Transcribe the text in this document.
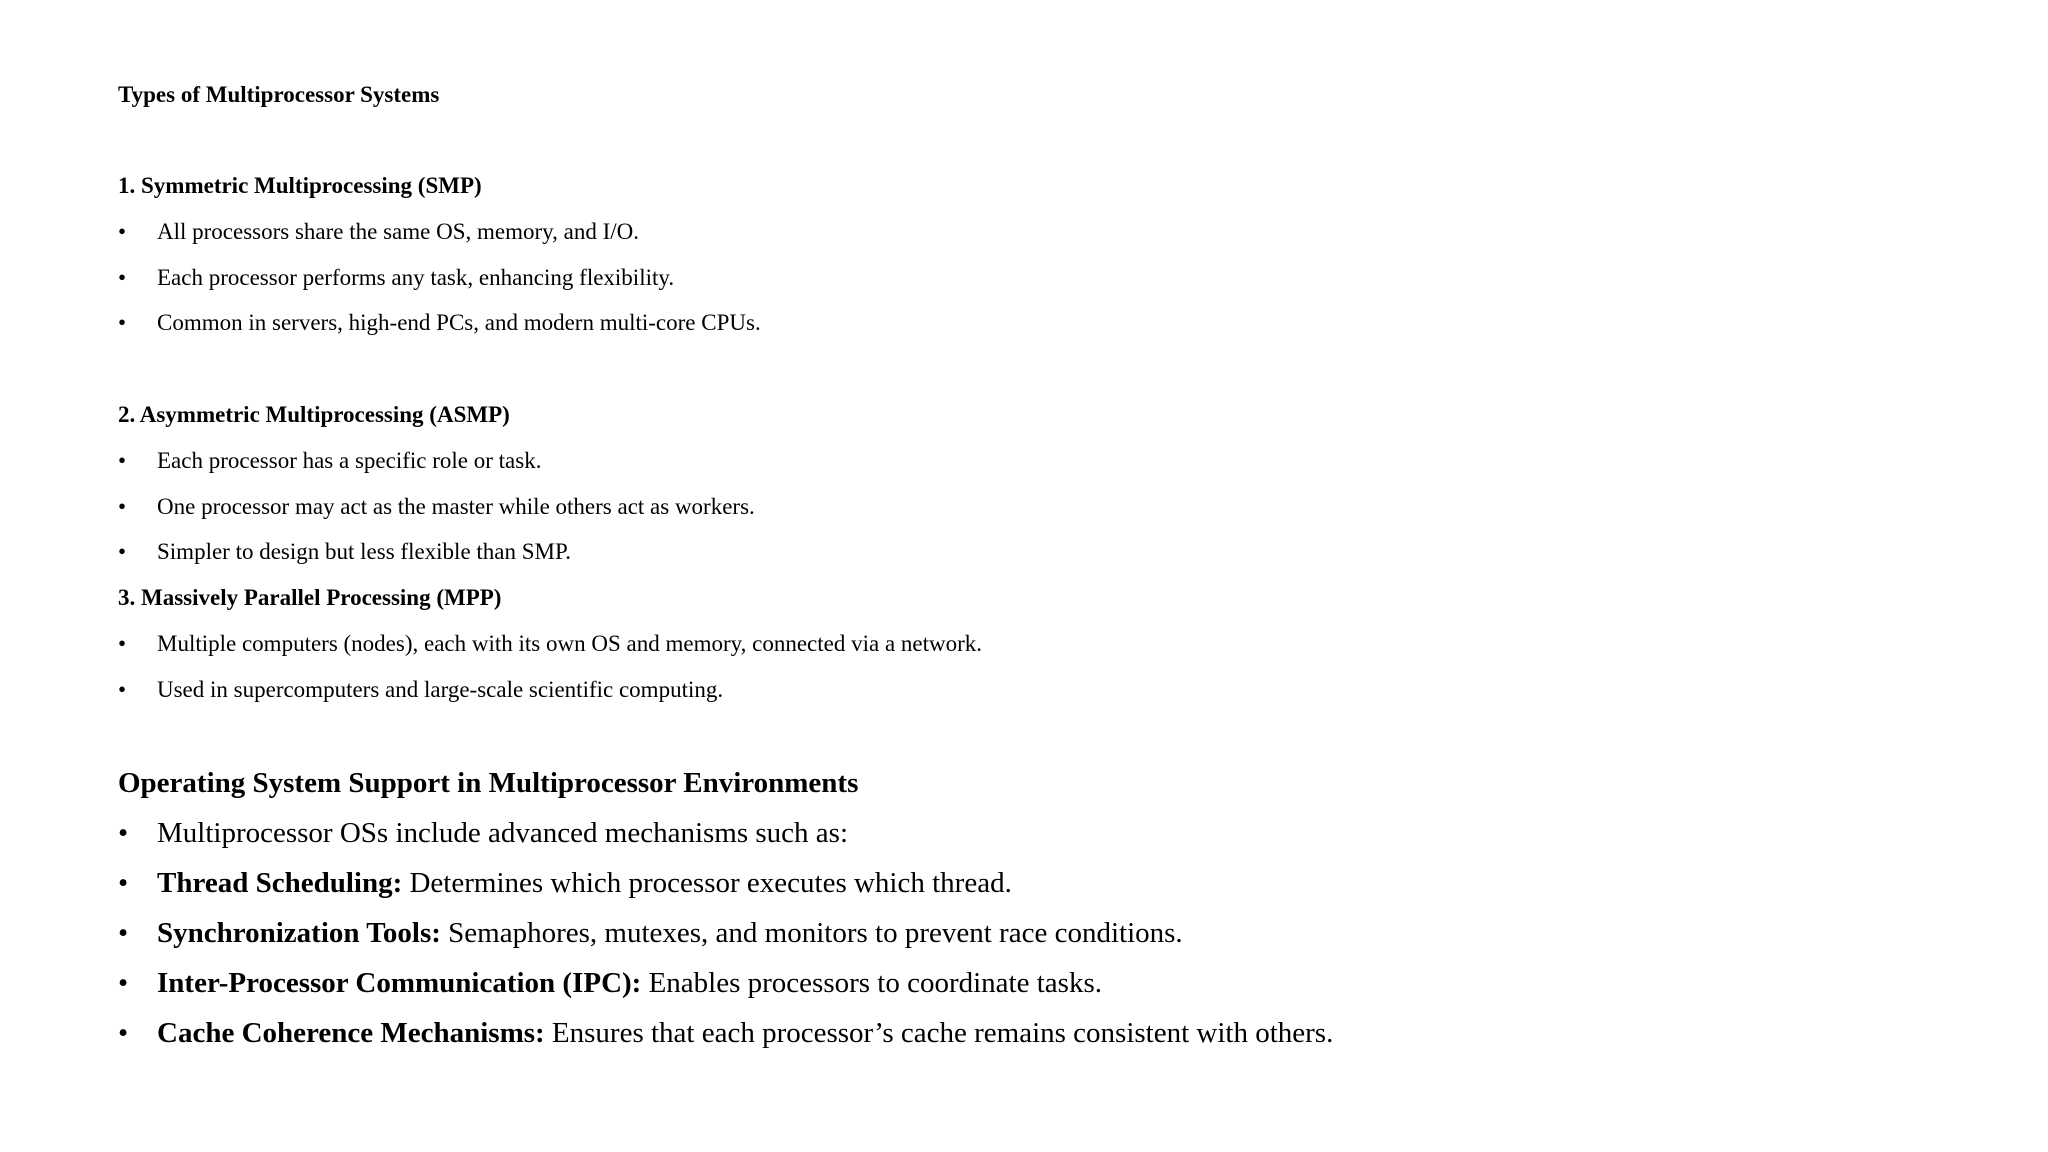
Types of Multiprocessor Systems
1. Symmetric Multiprocessing (SMP)
• All processors share the same OS, memory, and I/O.
• Each processor performs any task, enhancing flexibility.
• Common in servers, high-end PCs, and modern multi-core CPUs.
2. Asymmetric Multiprocessing (ASMP)
• Each processor has a specific role or task.
• One processor may act as the master while others act as workers.
• Simpler to design but less flexible than SMP.
3. Massively Parallel Processing (MPP)
• Multiple computers (nodes), each with its own OS and memory, connected via a network.
• Used in supercomputers and large-scale scientific computing.
Operating System Support in Multiprocessor Environments
• Multiprocessor OSs include advanced mechanisms such as:
• Thread Scheduling: Determines which processor executes which thread.
• Synchronization Tools: Semaphores, mutexes, and monitors to prevent race conditions.
• Inter-Processor Communication (IPC): Enables processors to coordinate tasks.
• Cache Coherence Mechanisms: Ensures that each processor’s cache remains consistent with others.
